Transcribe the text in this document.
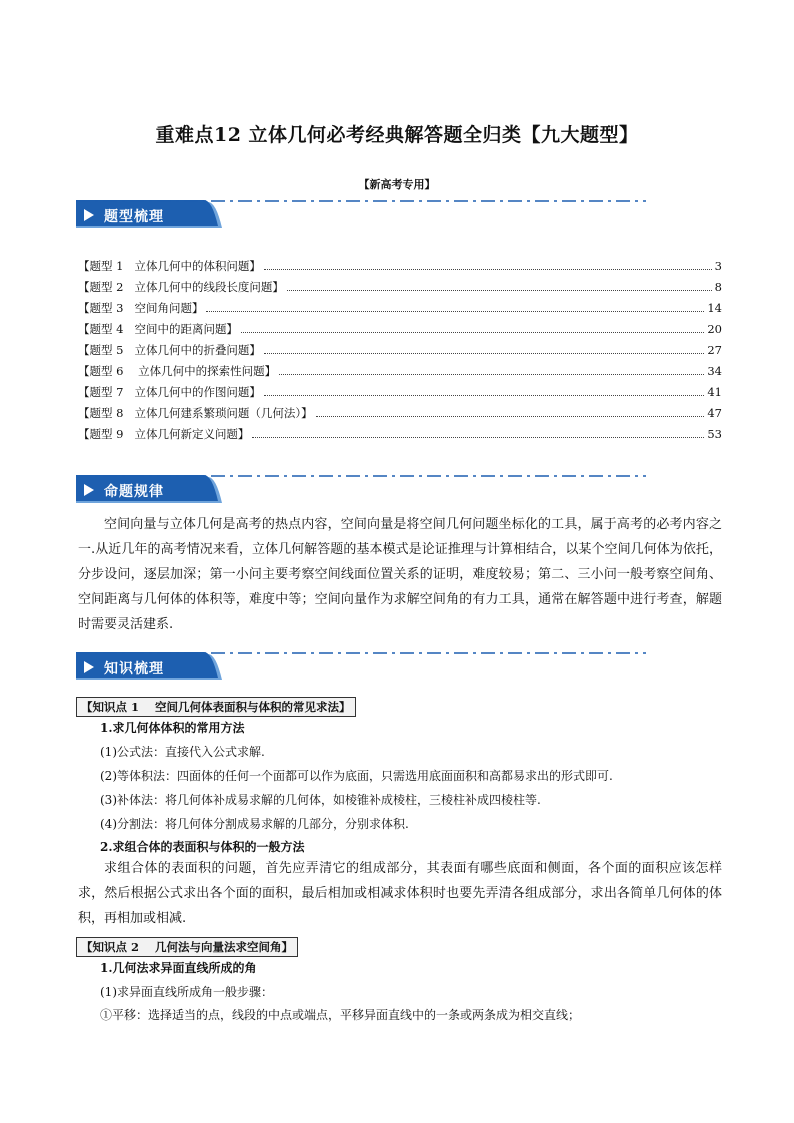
重难点12 立体几何必考经典解答题全归类【九大题型】
【新高考专用】
题型梳理
【题型 1   立体几何中的体积问题】	3
【题型 2   立体几何中的线段长度问题】	8
【题型 3   空间角问题】	14
【题型 4   空间中的距离问题】	20
【题型 5   立体几何中的折叠问题】	27
【题型 6    立体几何中的探索性问题】	34
【题型 7   立体几何中的作图问题】	41
【题型 8   立体几何建系繁琐问题（几何法）】	47
【题型 9   立体几何新定义问题】	53
命题规律
空间向量与立体几何是高考的热点内容，空间向量是将空间几何问题坐标化的工具，属于高考的必考内容之一.从近几年的高考情况来看，立体几何解答题的基本模式是论证推理与计算相结合，以某个空间几何体为依托，分步设问，逐层加深；第一小问主要考察空间线面位置关系的证明，难度较易；第二、三小问一般考察空间角、空间距离与几何体的体积等，难度中等；空间向量作为求解空间角的有力工具，通常在解答题中进行考查，解题时需要灵活建系.
知识梳理
【知识点 1    空间几何体表面积与体积的常见求法】
1.求几何体体积的常用方法
(1)公式法：直接代入公式求解.
(2)等体积法：四面体的任何一个面都可以作为底面，只需选用底面面积和高都易求出的形式即可.
(3)补体法：将几何体补成易求解的几何体，如棱锥补成棱柱，三棱柱补成四棱柱等.
(4)分割法：将几何体分割成易求解的几部分，分别求体积.
2.求组合体的表面积与体积的一般方法
求组合体的表面积的问题，首先应弄清它的组成部分，其表面有哪些底面和侧面，各个面的面积应该怎样求，然后根据公式求出各个面的面积，最后相加或相减求体积时也要先弄清各组成部分，求出各简单几何体的体积，再相加或相减.
【知识点 2    几何法与向量法求空间角】
1.几何法求异面直线所成的角
(1)求异面直线所成角一般步骤：
①平移：选择适当的点，线段的中点或端点，平移异面直线中的一条或两条成为相交直线；
